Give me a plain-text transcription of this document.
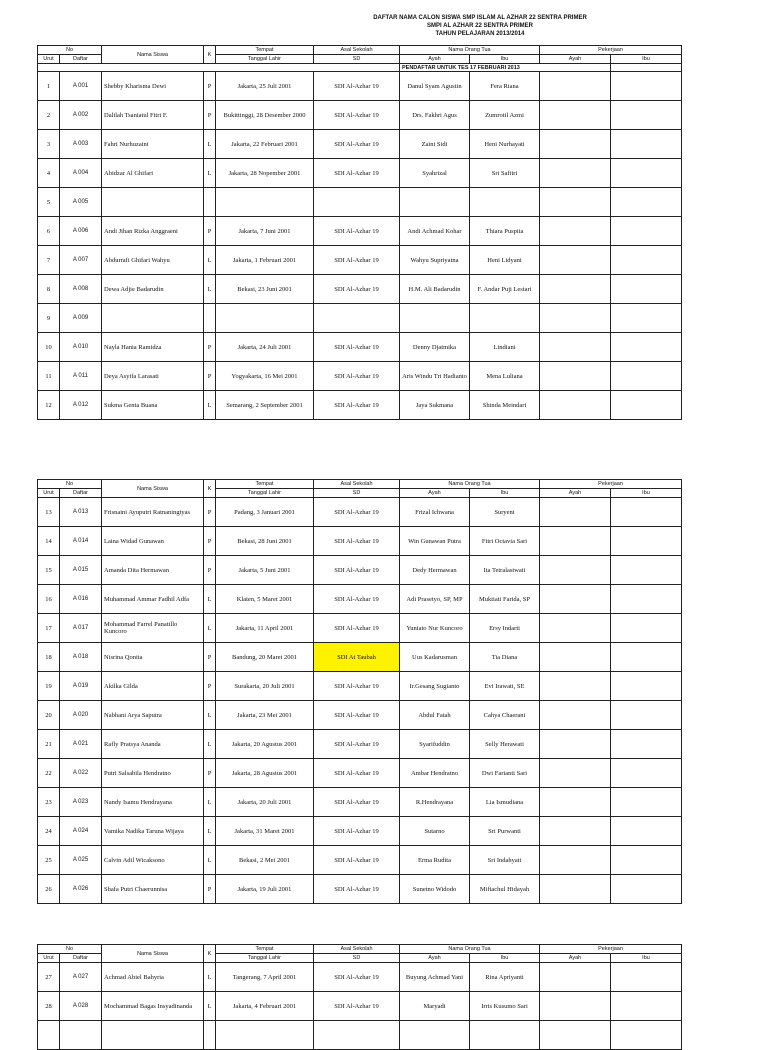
DAFTAR NAMA CALON SISWA SMP ISLAM AL AZHAR 22 SENTRA PRIMER
SMPI AL AZHAR 22 SENTRA PRIMER
TAHUN PELAJARAN 2013/2014
No		Nama Siswa	K	Tempat	Asal Sekolah	Nama Orang Tua		Pekerjaan	
Urut	Daftar			Tanggal Lahir	SD	Ayah	Ibu	Ayah	Ibu
						PENDAFTAR UNTUK TES 17 FEBRUARI 2013			
1	A 001	Shebby Kharisma Dewi	P	Jakarta, 25 Juli 2001	SDI Al-Azhar 19	Danul Syam Agustin	Fera Riana		
2	A 002	Dalilah Tsaniatul Fitri F.	P	Bukittinggi, 28 Desember 2000	SDI Al-Azhar 19	Drs. Fakhri Agus	Zumrotil Azmi		
3	A 003	Fahri Nurhuzaini	L	Jakarta, 22 Februari 2001	SDI Al-Azhar 19	Zaini Sidi	Heni Nurhayati		
4	A 004	Abidzar Al Ghifari	L	Jakarta, 28 Nopember 2001	SDI Al-Azhar 19	Syahrizal	Sri Safitri		
5	A 005								
6	A 006	Andi Jihan Rizka Anggraeni	P	Jakarta, 7 Juni 2001	SDI Al-Azhar 19	Andi Achmad Kohar	Thiara Puspita		
7	A 007	Abdurrafi Ghifari Wahyu	L	Jakarta, 1 Februari 2001	SDI Al-Azhar 19	Wahyu Supriyatna	Heni Lidyani		
8	A 008	Dewa Adjie Badarudin	L	Bekasi, 23 Juni 2001	SDI Al-Azhar 19	H.M. Ali Badarudin	F. Andar Puji Lestari		
9	A 009								
10	A 010	Nayla Hania Ramidza	P	Jakarta, 24 Juli 2001	SDI Al-Azhar 19	Denny Djatmika	Lindiani		
11	A 011	Deya Asyifa Larasati	P	Yogyakarta, 16 Mei 2001	SDI Al-Azhar 19	Aris Windu Tri Hadianto	Mena Luliana		
12	A 012	Sukma Genta Buana	L	Semarang, 2 September 2001	SDI Al-Azhar 19	Jaya Sukmana	Shinda Meindari		
No		Nama Siswa	K	Tempat	Asal Sekolah	Nama Orang Tua		Pekerjaan	
Urut	Daftar			Tanggal Lahir	SD	Ayah	Ibu	Ayah	Ibu
13	A 013	Frisnaini Ayuputri Ratnaningtyas	P	Padang, 3 Januari 2001	SDI Al-Azhar 19	Frizal Ichwana	Suryeni		
14	A 014	Laina Widad Gunawan	P	Bekasi, 28 Juni 2001	SDI Al-Azhar 19	Win Gunawan Putra	Fitri Octavia Sari		
15	A 015	Amanda Dita Hermawan	P	Jakarta, 5 Juni 2001	SDI Al-Azhar 19	Dedy Hermawan	Ita Tetralastwati		
16	A 016	Muhammad Ammar Fadhil Adfa	L	Klaten, 5 Maret 2001	SDI Al-Azhar 19	Adi Prasetyo, SP, MP	Muktiati Farida, SP		
17	A 017	Mohammad Farrel Panatillo Kuncoro	L	Jakarta, 11 April 2001	SDI Al-Azhar 19	Yuniato Nur Kuncoro	Ersy Indarti		
18	A 018	Nisrina Qonita	P	Bandung, 20 Maret 2001	SDI At Taubah	Uus Kadarusman	Tia Diana		
19	A 019	Akilka Gilda	P	Surakarta, 20 Juli 2001	SDI Al-Azhar 19	Ir.Gesang Sugianto	Evi Irawati, SE		
20	A 020	Nabhani Arya Saputra	L	Jakarta, 23 Mei 2001	SDI Al-Azhar 19	Abdul Fatah	Cahya Chaerani		
21	A 021	Rafly Pratsya Ananda	L	Jakarta, 20 Agustus 2001	SDI Al-Azhar 19	Syarifuddin	Selly Herawati		
22	A 022	Putri Salsabila Hendratno	P	Jakarta, 28 Agustus 2001	SDI Al-Azhar 19	Ambar Hendratno	Dwi Farianti Sari		
23	A 023	Nandy Isamu Hendrayana	L	Jakarta, 20 Juli 2001	SDI Al-Azhar 19	R.Hendrayana	Lia Ismudiana		
24	A 024	Vamika Nadika Taruna Wijaya	L	Jakarta, 31 Maret 2001	SDI Al-Azhar 19	Sutarno	Sri Purwanti		
25	A 025	Calvin Adil Wicaksono	L	Bekasi, 2 Mei 2001	SDI Al-Azhar 19	Erma Rudita	Sri Indahyati		
26	A 026	Shafa Putri Chaerunnisa	P	Jakarta, 19 Juli 2001	SDI Al-Azhar 19	Sunetno Widodo	Miftachul Hidayah		
No		Nama Siswa	K	Tempat	Asal Sekolah	Nama Orang Tua		Pekerjaan	
Urut	Daftar			Tanggal Lahir	SD	Ayah	Ibu	Ayah	Ibu
27	A 027	Achmad Abiel Bahyria	L	Tangerang, 7 April 2001	SDI Al-Azhar 19	Buyung Achmad Yani	Rina Apriyanti		
28	A 028	Mochammad Bagas Insyadinanda	L	Jakarta, 4 Februari 2001	SDI Al-Azhar 19	Maryadi	Irris Kusumo Sari		
